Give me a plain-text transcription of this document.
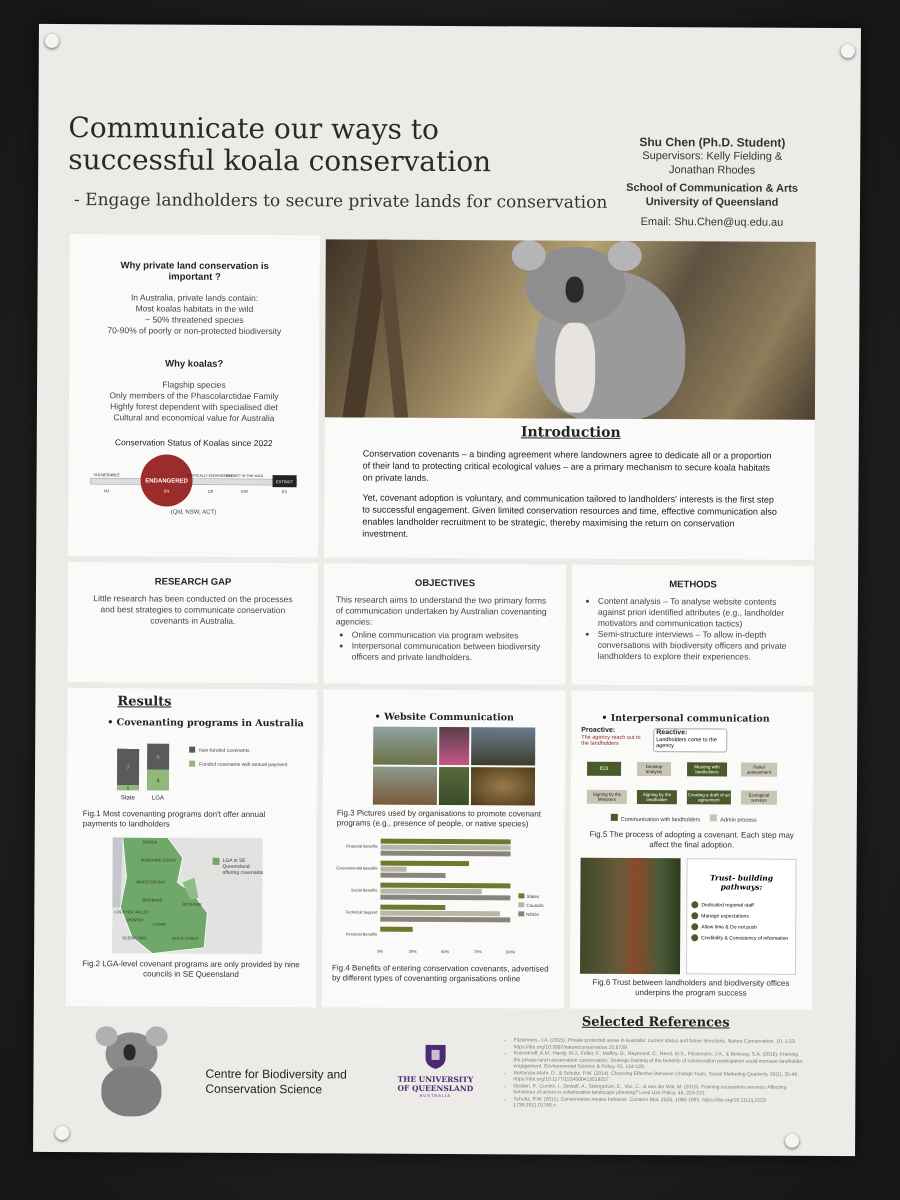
Communicate our ways to
successful koala conservation
- Engage landholders to secure private lands for conservation
Shu Chen (Ph.D. Student)
Supervisors: Kelly Fielding &
Jonathan Rhodes
School of Communication & Arts
University of Queensland
Email: Shu.Chen@uq.edu.au
Why private land conservation is important ?
In Australia, private lands contain:
Most koalas habitats in the wild
~ 50% threatened species
70-90% of poorly or non-protected biodiversity
Why koalas?
Flagship species
Only members of the Phascolarctidae Family
Highly forest dependent with specialised diet
Cultural and economical value for Australia
Conservation Status of Koalas since 2022
VULNERABLE
ENDANGERED
CRITICALLY ENDANGERED
EXTINCT IN THE WILD
EXTINCT
VU	EN	CR	EW	EX
(Qld, NSW, ACT)
Introduction
Conservation covenants – a binding agreement where landowners agree to dedicate all or a proportion of their land to protecting critical ecological values – are a primary mechanism to secure koala habitats on private lands.
Yet, covenant adoption is voluntary, and communication tailored to landholders' interests is the first step to successful engagement. Given limited conservation resources and time, effective communication also enables landholder recruitment to be strategic, thereby maximising the return on conservation investment.
RESEARCH GAP
Little research has been conducted on the processes and best strategies to communicate conservation covenants in Australia.
OBJECTIVES
This research aims to understand the two primary forms of communication undertaken by Australian covenanting agencies:
• Online communication via program websites
• Interpersonal communication between biodiversity officers and private landholders.
METHODS
• Content analysis – To analyse website contents against priori identified attributes (e.g., landholder motivators and communication tactics)
• Semi-structure interviews – To allow in-depth conversations with biodiversity officers and private landholders to explore their experiences.
Results
• Covenanting programs in Australia
7
1
State
5
4
LGA
Non-funded covenants
Funded covenants with annual payment
Fig.1 Most covenanting programs don't offer annual payments to landholders
NOOSA
SUNSHINE COAST
MORETON BAY
BRISBANE
REDLAND
IPSWICH
LOGAN
LOCKYER VALLEY
SCENIC RIM	GOLD COAST
LGA in SE Queensland offering covenants
Fig.2 LGA-level covenant programs are only provided by nine councils in SE Queensland
• Website Communication
Fig.3 Pictures used by organisations to promote covenant programs (e.g., presence of people, or native species)
Financial Benefits
Environmental Benefits
Social Benefits
Technical Support
Personal Benefits
0%	25%	50%	75%	100%
States
Councils
NGOs
Fig.4 Benefits of entering conservation covenants, advertised by different types of covenanting organisations online
• Interpersonal communication
Proactive:
The agency reach out to the landholders
Reactive:
Landholders come to the agency
EOI	Desktop analysis
Meeting with landholders
Panel assessment
Signing by the Ministers
Signing by the landholder
Creating a draft of an agreement
Ecological surveys
Communication with landholders	Admin process
Fig.5 The process of adopting a covenant. Each step may affect the final adoption.
Trust- building pathways:
Dedicated regional staff
Manage expectations
Allow time & Do not push
Credibility & Consistency of information
Fig.6 Trust between landholders and biodiversity offices underpins the program success
Centre for Biodiversity and
Conservation Science
THE UNIVERSITY
OF QUEENSLAND
AUSTRALIA
Selected References
• Fitzsimons, J.A. (2015). Private protected areas in Australia: current status and future directions. Nature Conservation, 10, 1-23. https://doi.org/10.3897/natureconservation.10.8739
• Kusmanoff, A.M., Hardy, M.J., Fidler, F., Maffey, G., Raymond, C., Reed, M.S., Fitzsimons, J.A., & Bekessy, S.A. (2016). Framing the private land conservation conversation: Strategic framing of the benefits of conservation participation could increase landholder engagement. Environmental Science & Policy, 61, 124-128.
• McKenzie-Mohr, D., & Schultz, P.W. (2014). Choosing Effective Behavior Change Tools. Social Marketing Quarterly, 20(1), 35-46. https://doi.org/10.1177/1524500413519257
• Opdam, P., Coninx, I., Dewulf, A., Steingröver, E., Vos, C., & van der Wal, M. (2015). Framing ecosystem services: Affecting behaviour of actors in collaborative landscape planning? Land Use Policy, 46, 223-231.
• Schultz, P.W. (2011). Conservation means behavior. Conserv Biol, 25(6), 1080-1083. https://doi.org/10.1111/j.1523-1739.2011.01766.x
